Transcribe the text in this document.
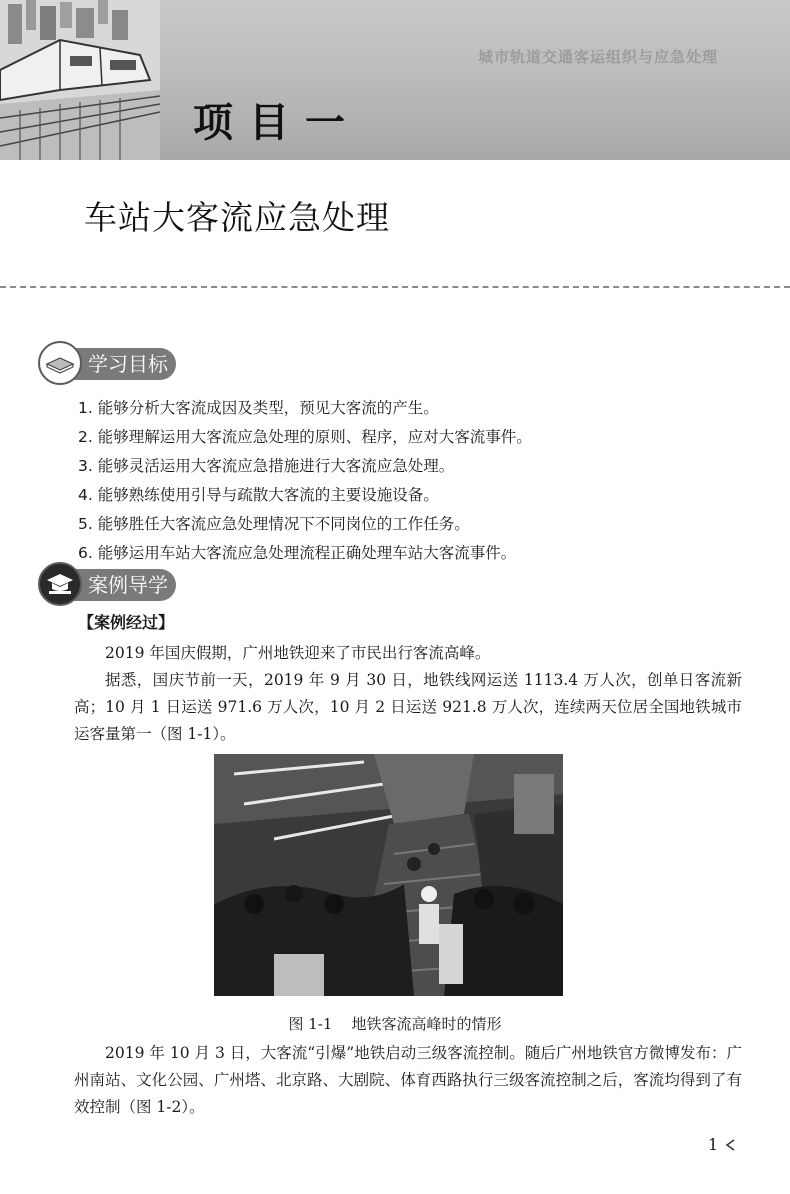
城市轨道交通客运组织与应急处理
项目一
车站大客流应急处理
学习目标
1. 能够分析大客流成因及类型，预见大客流的产生。
2. 能够理解运用大客流应急处理的原则、程序，应对大客流事件。
3. 能够灵活运用大客流应急措施进行大客流应急处理。
4. 能够熟练使用引导与疏散大客流的主要设施设备。
5. 能够胜任大客流应急处理情况下不同岗位的工作任务。
6. 能够运用车站大客流应急处理流程正确处理车站大客流事件。
案例导学
【案例经过】

2019 年国庆假期，广州地铁迎来了市民出行客流高峰。

据悉，国庆节前一天，2019 年 9 月 30 日，地铁线网运送 1113.4 万人次，创单日客流新高；10 月 1 日运送 971.6 万人次，10 月 2 日运送 921.8 万人次，连续两天位居全国地铁城市运客量第一（图 1-1）。

图 1-1    地铁客流高峰时的情形

2019 年 10 月 3 日，大客流“引爆”地铁启动三级客流控制。随后广州地铁官方微博发布：广州南站、文化公园、广州塔、北京路、大剧院、体育西路执行三级客流控制之后，客流均得到了有效控制（图 1-2）。

1
